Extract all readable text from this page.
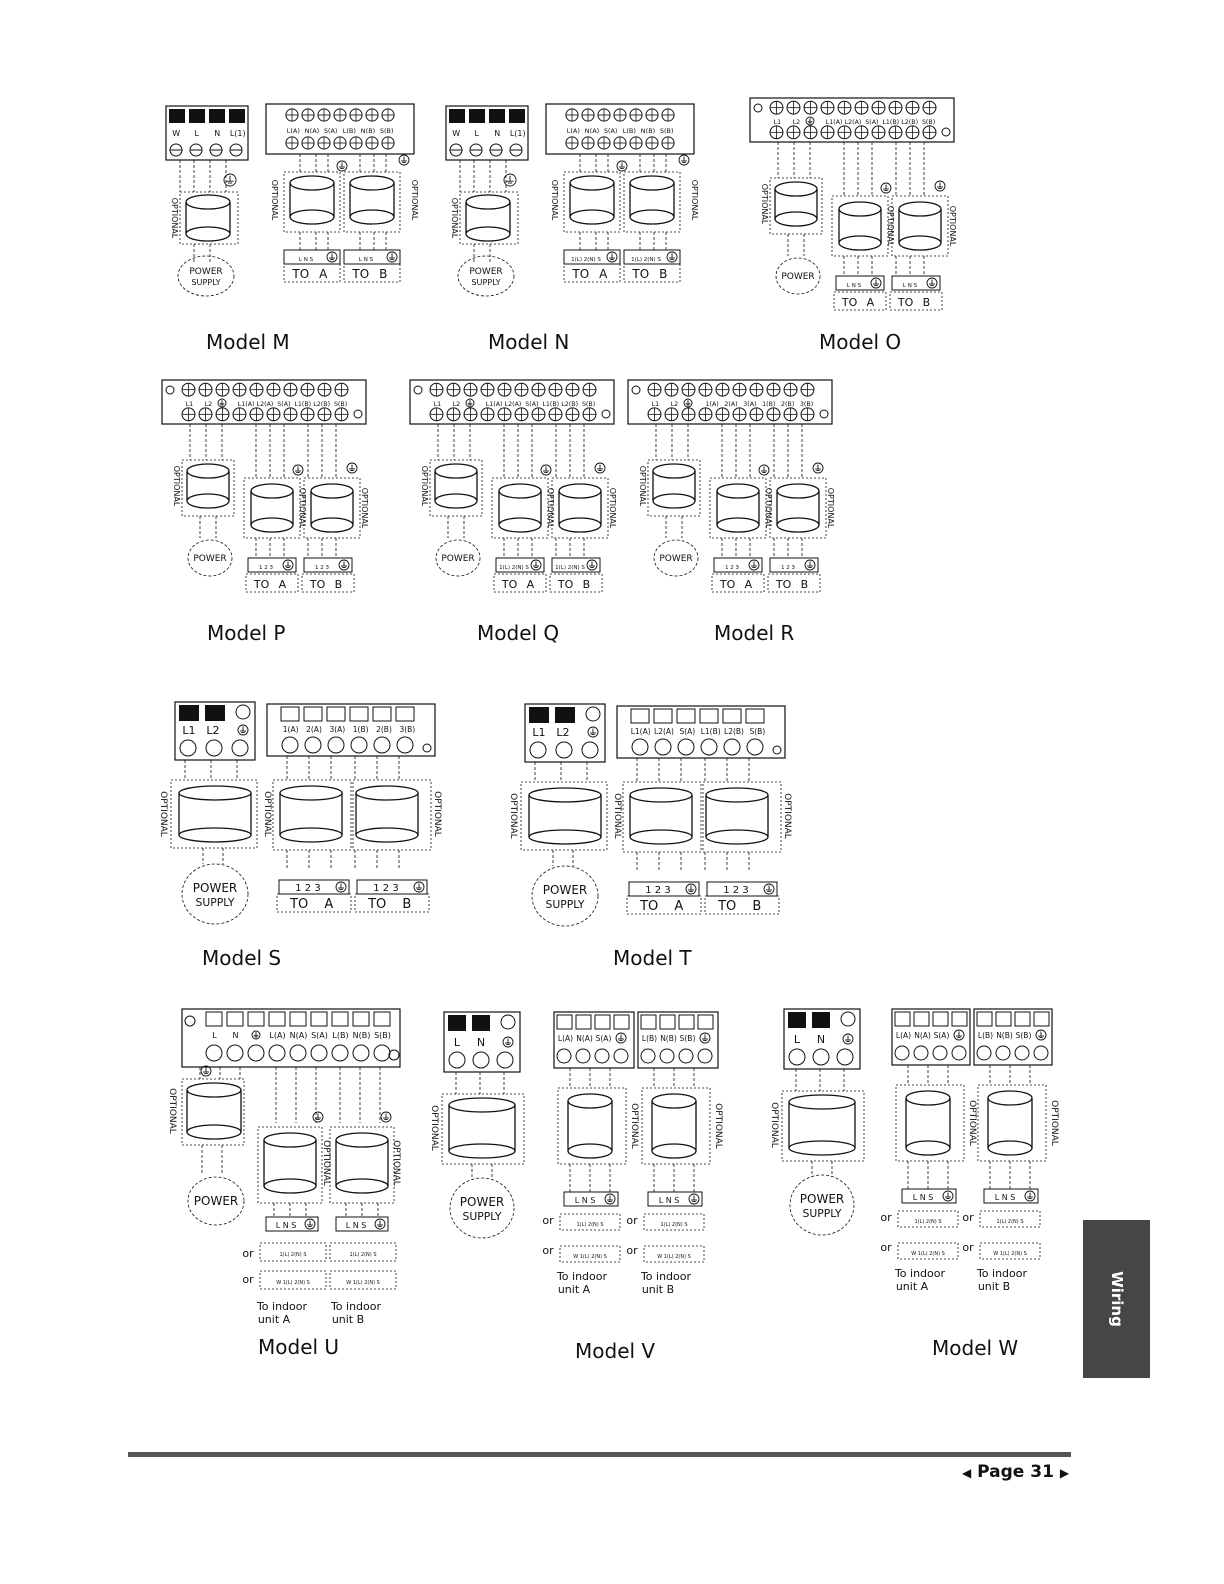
W L N L(1)	L(A) N(A) S(A) L(B) N(B) S(B)
OPTIONAL
POWER
SUPPLY
OPTIONAL	OPTIONAL
L N S	L N S
TO A TO B
Model M
W L N L(1)	L(A) N(A) S(A) L(B) N(B) S(B)
OPTIONAL
POWER
SUPPLY
OPTIONAL	OPTIONAL
1(L) 2(N) S	1(L) 2(N) S
TO A TO B
Model N
L1 L2	L1(A) L2(A) S(A) L1(B) L2(B) S(B)
OPTIONAL
POWER
OPTIONAL	OPTIONAL
L N S	L N S
TO A TO B
Model O
L1 L2	L1(A) L2(A) S(A) L1(B) L2(B) S(B)
OPTIONAL
POWER
OPTIONAL	OPTIONAL
1 2 3	1 2 3
TO A TO B
Model P
L1 L2	L1(A) L2(A) S(A) L1(B) L2(B) S(B)
OPTIONAL
POWER
OPTIONAL	OPTIONAL
1(L) 2(N) S	1(L) 2(N) S
TO A TO B
Model Q
L1 L2	1(A) 2(A) 3(A) 1(B) 2(B) 3(B)
OPTIONAL
POWER
OPTIONAL	OPTIONAL
1 2 3	1 2 3
TO A TO B
Model R
L1 L2	1(A) 2(A) 3(A) 1(B) 2(B) 3(B)
OPTIONAL
POWER
SUPPLY
OPTIONAL	OPTIONAL
1 2 3	1 2 3
TO A	TO B
Model S
L1 L2	L1(A) L2(A) S(A) L1(B) L2(B) S(B)
OPTIONAL
POWER
SUPPLY
OPTIONAL	OPTIONAL
1 2 3	1 2 3
TO A	TO B
Model T
L N	L(A) N(A) S(A) L(B) N(B) S(B)
OPTIONAL
POWER
OPTIONAL	OPTIONAL
L N S	L N S
or
or
1(L) 2(N) S	1(L) 2(N) S
W 1(L) 2(N) S	W 1(L) 2(N) S
To indoor
unit A
To indoor
unit B
Model U
L N
OPTIONAL
POWER
SUPPLY
L(A) N(A) S(A)
OPTIONAL
L N S
or
or
1(L) 2(N) S
W 1(L) 2(N) S
To indoor
unit A
L(B) N(B) S(B)
OPTIONAL
L N S
or
or
1(L) 2(N) S
W 1(L) 2(N) S
To indoor
unit B
Model V
L N
OPTIONAL
POWER
SUPPLY
L(A) N(A) S(A)
OPTIONAL
L N S
or
or
1(L) 2(N) S
W 1(L) 2(N) S
To indoor
unit A
L(B) N(B) S(B)
OPTIONAL
L N S
or
or
1(L) 2(N) S
W 1(L) 2(N) S
To indoor
unit B
Model W
Wiring
◀ Page 31 ▶
